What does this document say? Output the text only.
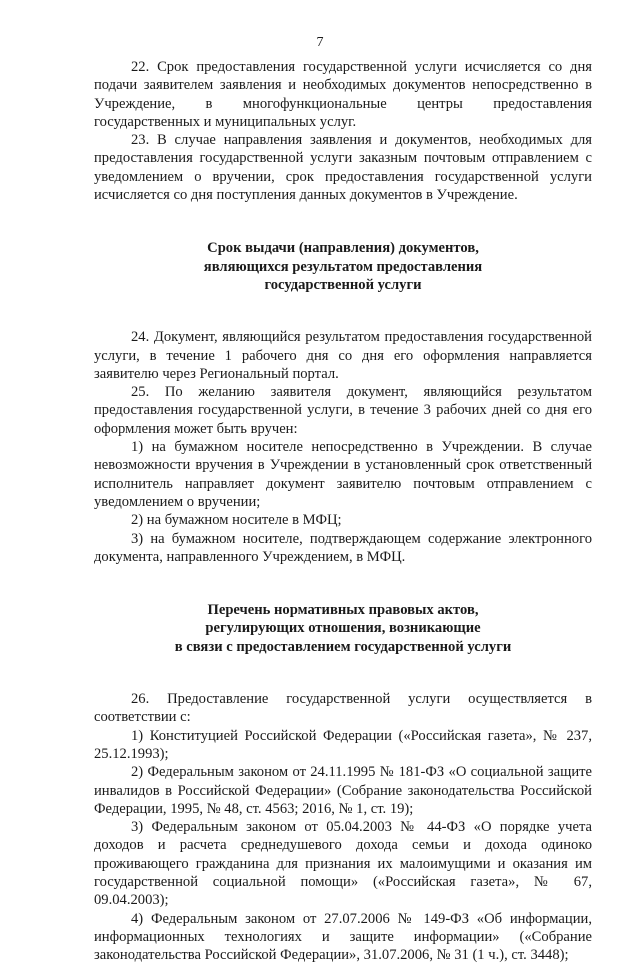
7

22. Срок предоставления государственной услуги исчисляется со дня подачи заявителем заявления и необходимых документов непосредственно в Учреждение, в многофункциональные центры предоставления государственных и муниципальных услуг.

23. В случае направления заявления и документов, необходимых для предоставления государственной услуги заказным почтовым отправлением с уведомлением о вручении, срок предоставления государственной услуги исчисляется со дня поступления данных документов в Учреждение.

Срок выдачи (направления) документов,
являющихся результатом предоставления
государственной услуги

24. Документ, являющийся результатом предоставления государственной услуги, в течение 1 рабочего дня со дня его оформления направляется заявителю через Региональный портал.

25. По желанию заявителя документ, являющийся результатом предоставления государственной услуги, в течение 3 рабочих дней со дня его оформления может быть вручен:

1) на бумажном носителе непосредственно в Учреждении. В случае невозможности вручения в Учреждении в установленный срок ответственный исполнитель направляет документ заявителю почтовым отправлением с уведомлением о вручении;

2) на бумажном носителе в МФЦ;

3) на бумажном носителе, подтверждающем содержание электронного документа, направленного Учреждением, в МФЦ.

Перечень нормативных правовых актов,
регулирующих отношения, возникающие
в связи с предоставлением государственной услуги

26. Предоставление государственной услуги осуществляется в соответствии с:

1) Конституцией Российской Федерации («Российская газета», № 237, 25.12.1993);

2) Федеральным законом от 24.11.1995 № 181-ФЗ «О социальной защите инвалидов в Российской Федерации» (Собрание законодательства Российской Федерации, 1995, № 48, ст. 4563; 2016, № 1, ст. 19);

3) Федеральным законом от 05.04.2003 № 44-ФЗ «О порядке учета доходов и расчета среднедушевого дохода семьи и дохода одиноко проживающего гражданина для признания их малоимущими и оказания им государственной социальной помощи» («Российская газета», № 67, 09.04.2003);

4) Федеральным законом от 27.07.2006 № 149-ФЗ «Об информации, информационных технологиях и защите информации» («Собрание законодательства Российской Федерации», 31.07.2006, № 31 (1 ч.), ст. 3448);
